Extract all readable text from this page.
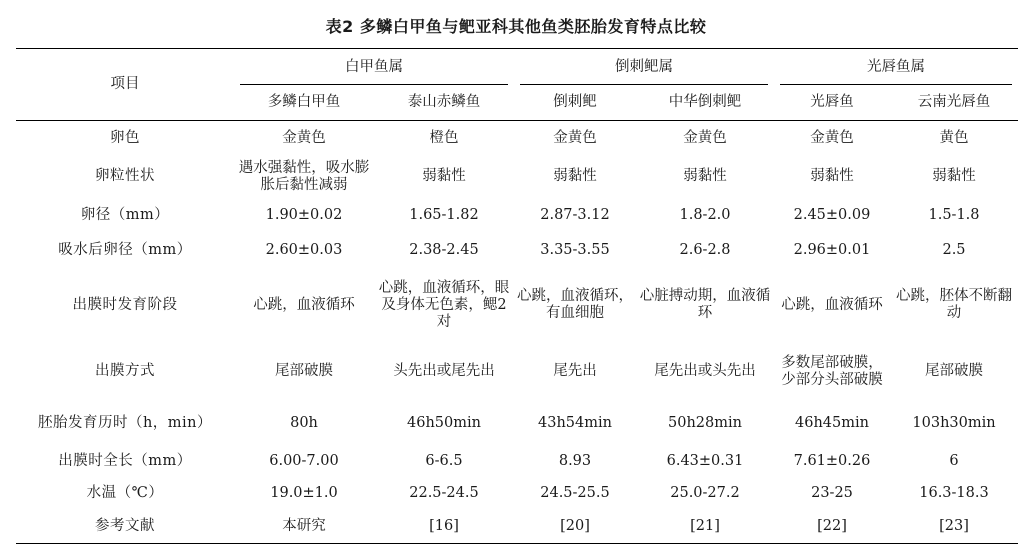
表2 多鳞白甲鱼与鲃亚科其他鱼类胚胎发育特点比较
项目	白甲鱼属		倒刺鲃属		光唇鱼属	
	多鳞白甲鱼	泰山赤鳞鱼	倒刺鲃	中华倒刺鲃	光唇鱼	云南光唇鱼
卵色	金黄色	橙色	金黄色	金黄色	金黄色	黄色
卵粒性状	遇水强黏性，吸水膨胀后黏性减弱	弱黏性	弱黏性	弱黏性	弱黏性	弱黏性
卵径（mm）	1.90±0.02	1.65-1.82	2.87-3.12	1.8-2.0	2.45±0.09	1.5-1.8
吸水后卵径（mm）	2.60±0.03	2.38-2.45	3.35-3.55	2.6-2.8	2.96±0.01	2.5
出膜时发育阶段	心跳，血液循环	心跳，血液循环，眼及身体无色素，鳃2对	心跳，血液循环，有血细胞	心脏搏动期，血液循环	心跳，血液循环	心跳，胚体不断翻动
出膜方式	尾部破膜	头先出或尾先出	尾先出	尾先出或头先出	多数尾部破膜，少部分头部破膜	尾部破膜
胚胎发育历时（h，min）	80h	46h50min	43h54min	50h28min	46h45min	103h30min
出膜时全长（mm）	6.00-7.00	6-6.5	8.93	6.43±0.31	7.61±0.26	6
水温（℃）	19.0±1.0	22.5-24.5	24.5-25.5	25.0-27.2	23-25	16.3-18.3
参考文献	本研究	[16]	[20]	[21]	[22]	[23]
